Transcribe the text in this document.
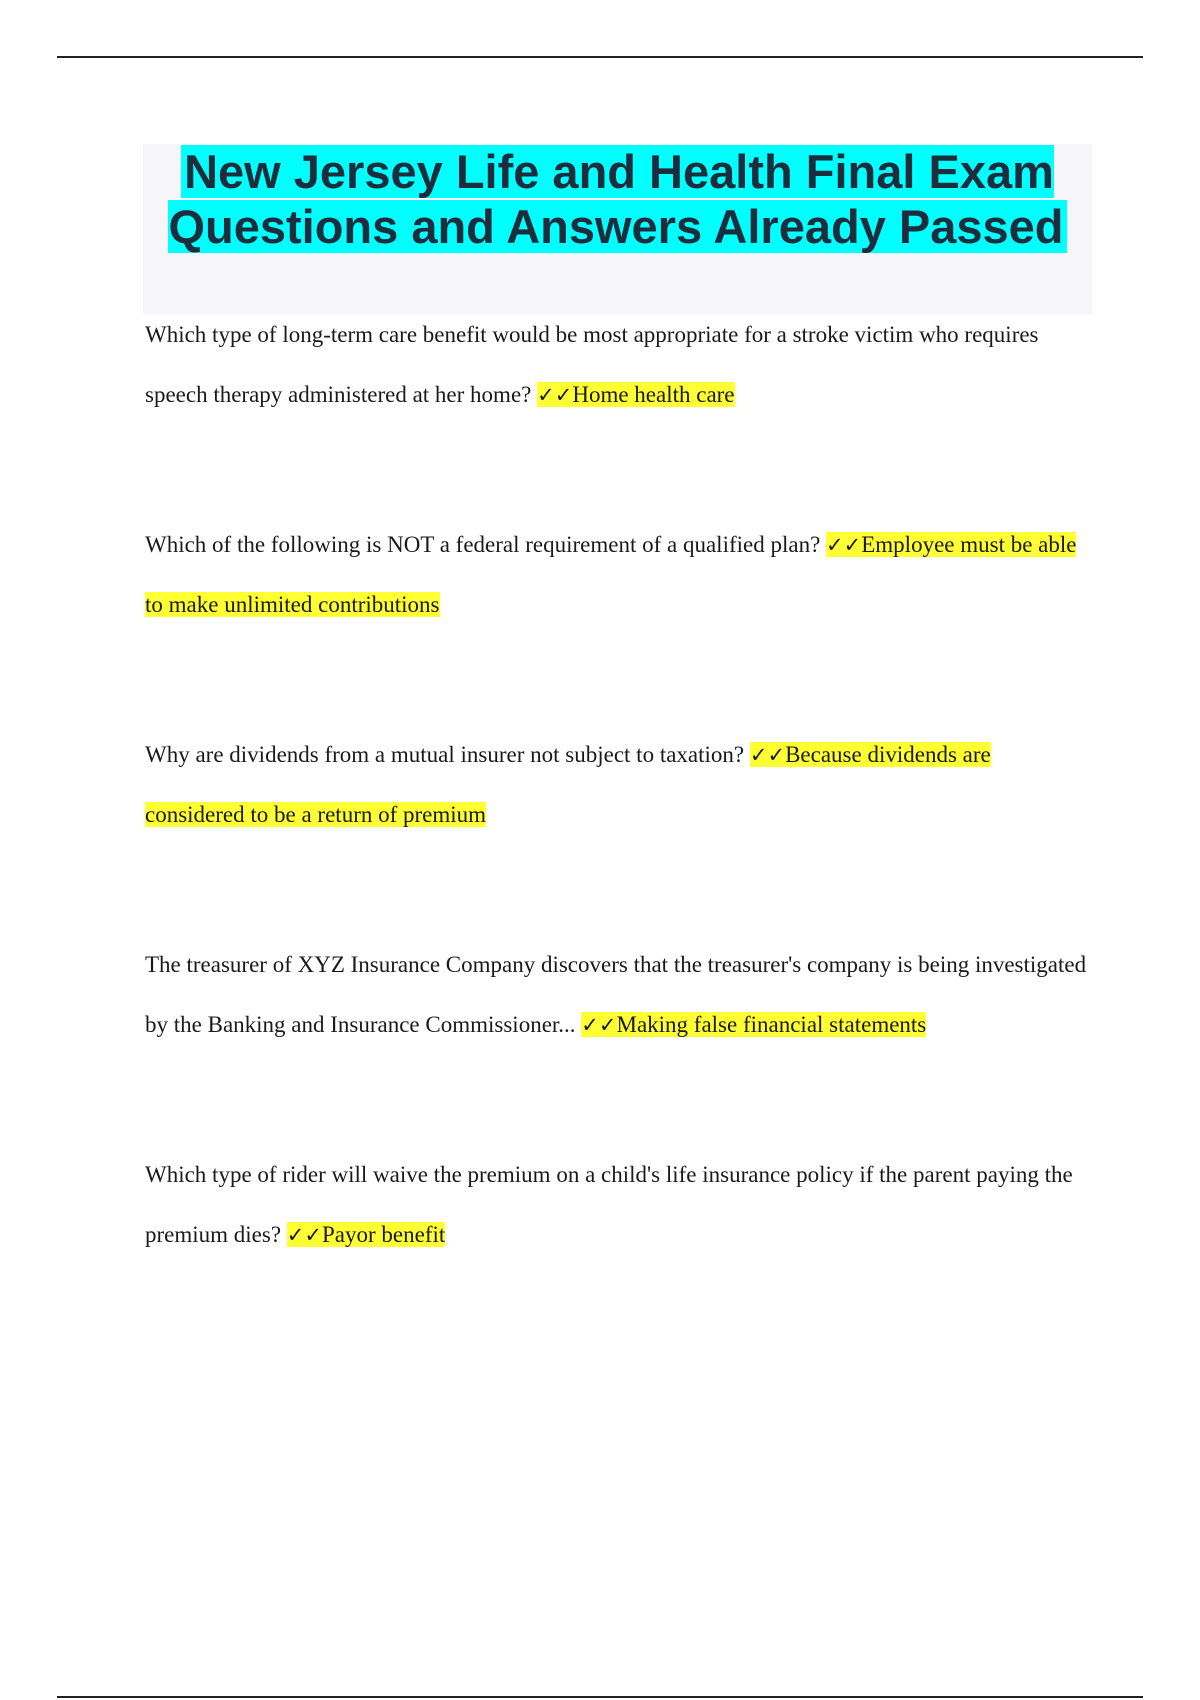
New Jersey Life and Health Final Exam Questions and Answers Already Passed

Which type of long-term care benefit would be most appropriate for a stroke victim who requires speech therapy administered at her home? ✓✓Home health care

Which of the following is NOT a federal requirement of a qualified plan? ✓✓Employee must be able to make unlimited contributions

Why are dividends from a mutual insurer not subject to taxation? ✓✓Because dividends are considered to be a return of premium

The treasurer of XYZ Insurance Company discovers that the treasurer's company is being investigated by the Banking and Insurance Commissioner... ✓✓Making false financial statements

Which type of rider will waive the premium on a child's life insurance policy if the parent paying the premium dies? ✓✓Payor benefit
